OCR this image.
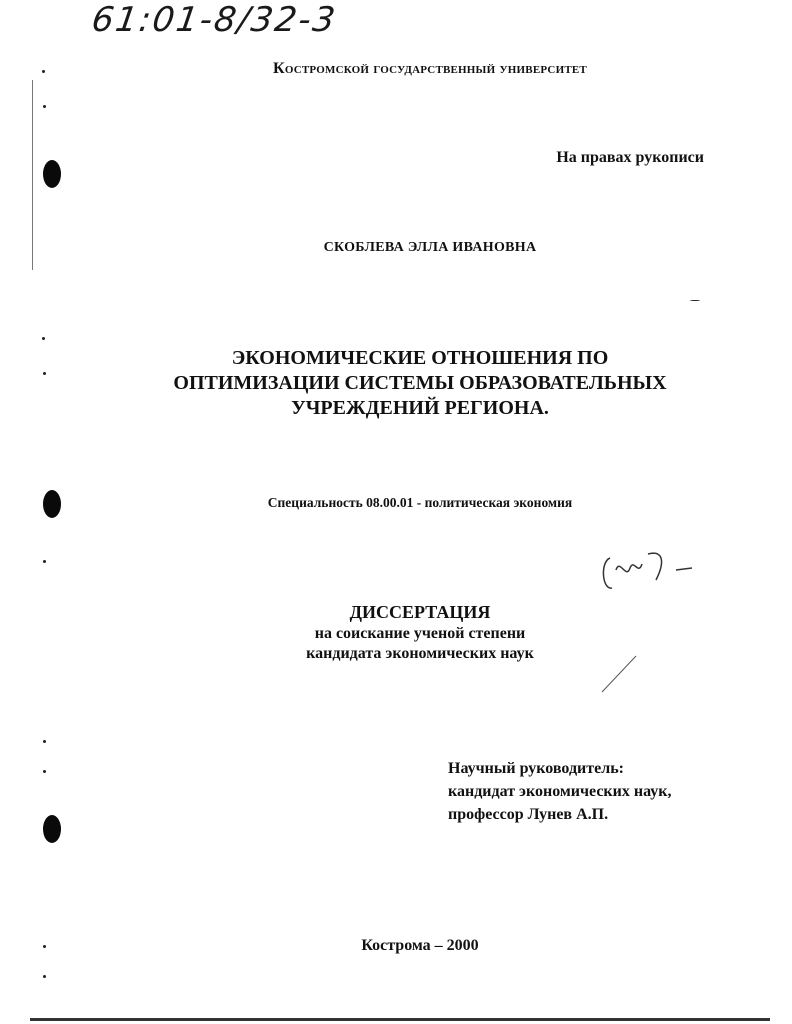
61:01-8/32-3
Костромской государственный университет
На правах рукописи
СКОБЛЕВА ЭЛЛА ИВАНОВНА
ЭКОНОМИЧЕСКИЕ ОТНОШЕНИЯ ПО
ОПТИМИЗАЦИИ СИСТЕМЫ ОБРАЗОВАТЕЛЬНЫХ
УЧРЕЖДЕНИЙ РЕГИОНА.
Специальность 08.00.01 - политическая экономия
ДИССЕРТАЦИЯ
на соискание ученой степени
кандидата экономических наук
Научный руководитель:
кандидат экономических наук,
профессор Лунев А.П.
Кострома – 2000
